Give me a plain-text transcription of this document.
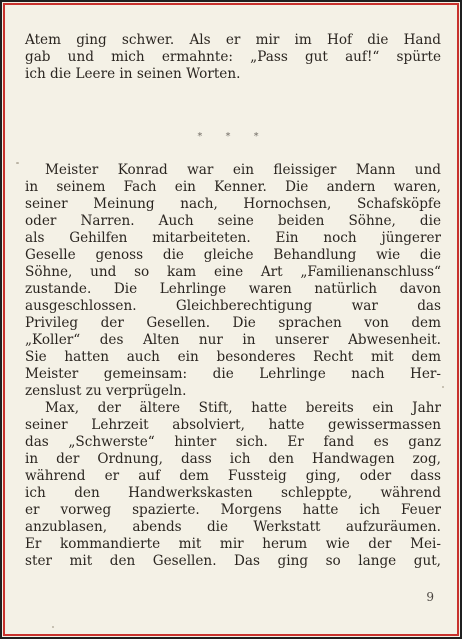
Atem ging schwer. Als er mir im Hof die Hand
gab und mich ermahnte: „Pass gut auf!“ spürte
ich die Leere in seinen Worten.

* * *

Meister Konrad war ein fleissiger Mann und
in seinem Fach ein Kenner. Die andern waren,
seiner Meinung nach, Hornochsen, Schafsköpfe
oder Narren. Auch seine beiden Söhne, die
als Gehilfen mitarbeiteten. Ein noch jüngerer
Geselle genoss die gleiche Behandlung wie die
Söhne, und so kam eine Art „Familienanschluss“
zustande. Die Lehrlinge waren natürlich davon
ausgeschlossen. Gleichberechtigung war das
Privileg der Gesellen. Die sprachen von dem
„Koller“ des Alten nur in unserer Abwesenheit.
Sie hatten auch ein besonderes Recht mit dem
Meister gemeinsam: die Lehrlinge nach Her-
zenslust zu verprügeln.

Max, der ältere Stift, hatte bereits ein Jahr
seiner Lehrzeit absolviert, hatte gewissermassen
das „Schwerste“ hinter sich. Er fand es ganz
in der Ordnung, dass ich den Handwagen zog,
während er auf dem Fussteig ging, oder dass
ich den Handwerkskasten schleppte, während
er vorweg spazierte. Morgens hatte ich Feuer
anzublasen, abends die Werkstatt aufzuräumen.
Er kommandierte mit mir herum wie der Mei-
ster mit den Gesellen. Das ging so lange gut,

9
